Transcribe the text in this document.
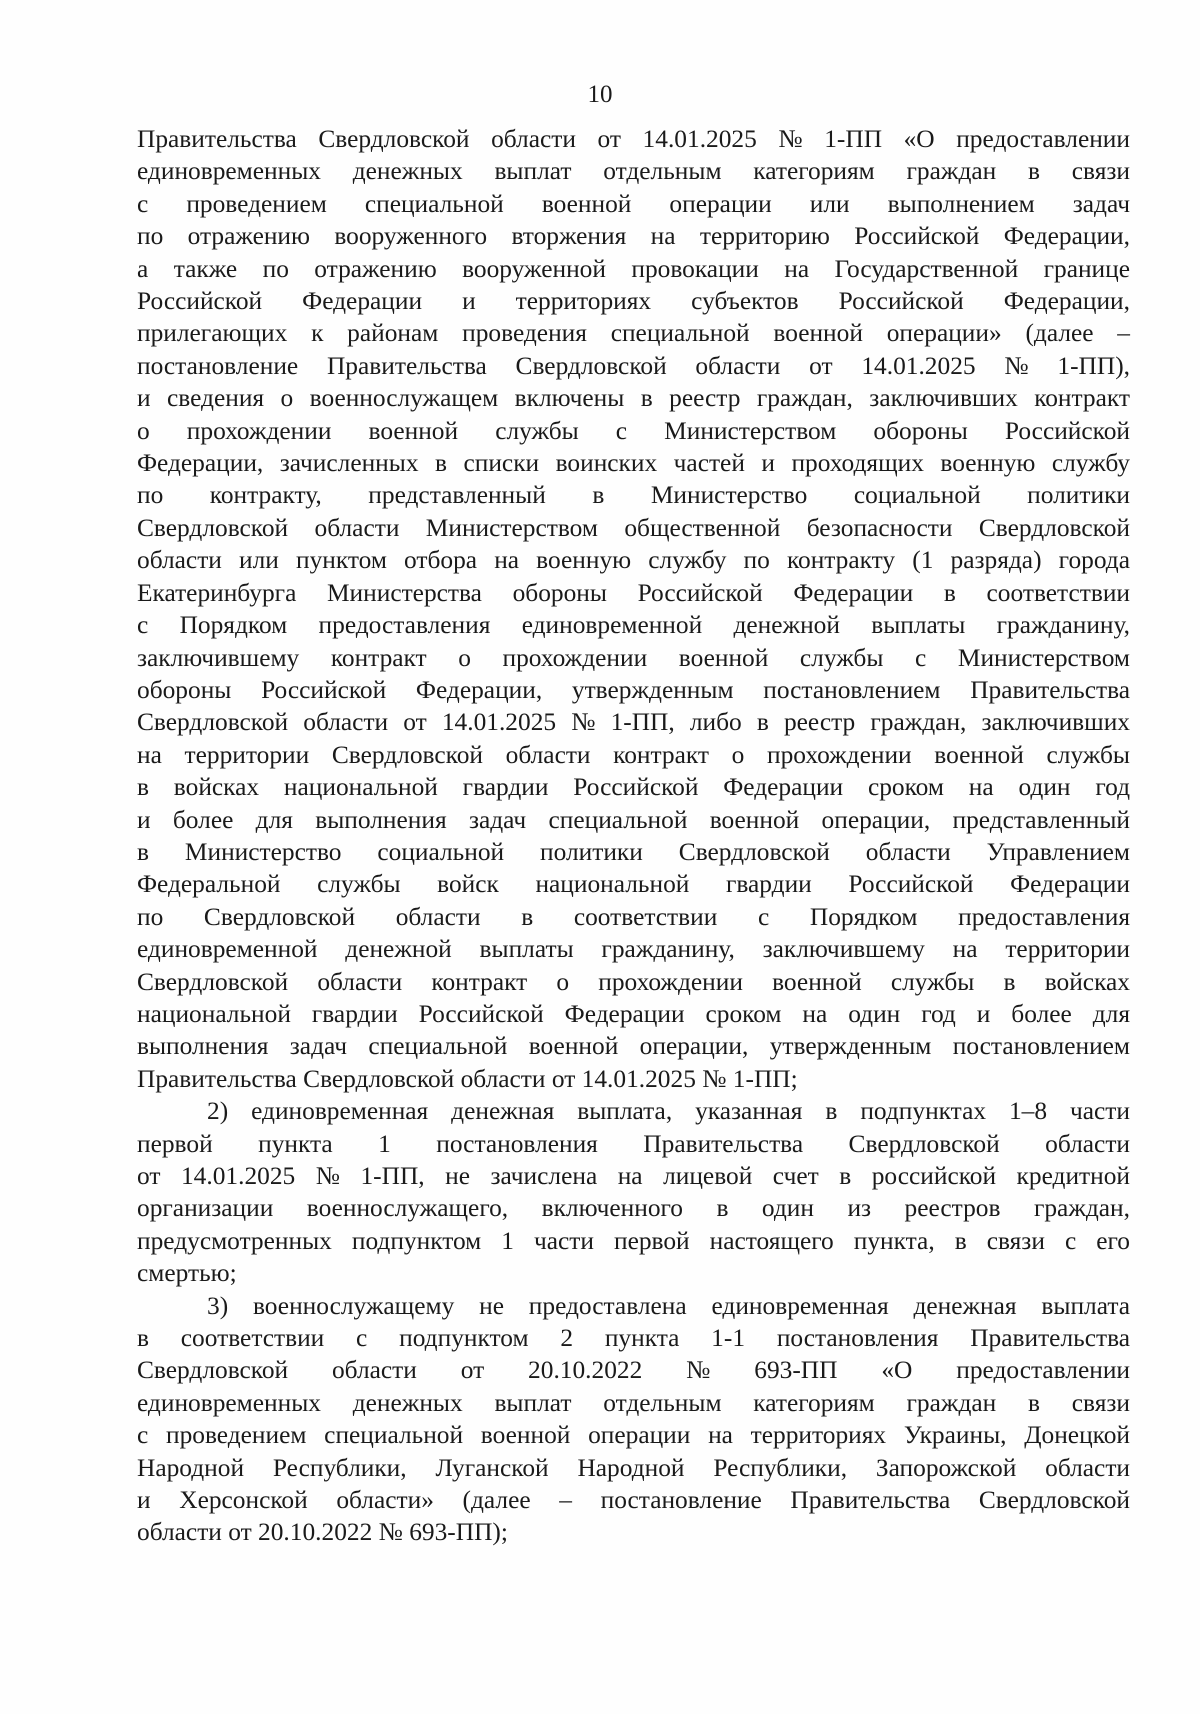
10
Правительства Свердловской области от 14.01.2025 № 1-ПП «О предоставлении
единовременных денежных выплат отдельным категориям граждан в связи
с проведением специальной военной операции или выполнением задач
по отражению вооруженного вторжения на территорию Российской Федерации,
а также по отражению вооруженной провокации на Государственной границе
Российской Федерации и территориях субъектов Российской Федерации,
прилегающих к районам проведения специальной военной операции» (далее –
постановление Правительства Свердловской области от 14.01.2025 № 1-ПП),
и сведения о военнослужащем включены в реестр граждан, заключивших контракт
о прохождении военной службы с Министерством обороны Российской
Федерации, зачисленных в списки воинских частей и проходящих военную службу
по контракту, представленный в Министерство социальной политики
Свердловской области Министерством общественной безопасности Свердловской
области или пунктом отбора на военную службу по контракту (1 разряда) города
Екатеринбурга Министерства обороны Российской Федерации в соответствии
с Порядком предоставления единовременной денежной выплаты гражданину,
заключившему контракт о прохождении военной службы с Министерством
обороны Российской Федерации, утвержденным постановлением Правительства
Свердловской области от 14.01.2025 № 1-ПП, либо в реестр граждан, заключивших
на территории Свердловской области контракт о прохождении военной службы
в войсках национальной гвардии Российской Федерации сроком на один год
и более для выполнения задач специальной военной операции, представленный
в Министерство социальной политики Свердловской области Управлением
Федеральной службы войск национальной гвардии Российской Федерации
по Свердловской области в соответствии с Порядком предоставления
единовременной денежной выплаты гражданину, заключившему на территории
Свердловской области контракт о прохождении военной службы в войсках
национальной гвардии Российской Федерации сроком на один год и более для
выполнения задач специальной военной операции, утвержденным постановлением
Правительства Свердловской области от 14.01.2025 № 1-ПП;
2) единовременная денежная выплата, указанная в подпунктах 1–8 части
первой пункта 1 постановления Правительства Свердловской области
от 14.01.2025 № 1-ПП, не зачислена на лицевой счет в российской кредитной
организации военнослужащего, включенного в один из реестров граждан,
предусмотренных подпунктом 1 части первой настоящего пункта, в связи с его
смертью;
3) военнослужащему не предоставлена единовременная денежная выплата
в соответствии с подпунктом 2 пункта 1-1 постановления Правительства
Свердловской области от 20.10.2022 № 693-ПП «О предоставлении
единовременных денежных выплат отдельным категориям граждан в связи
с проведением специальной военной операции на территориях Украины, Донецкой
Народной Республики, Луганской Народной Республики, Запорожской области
и Херсонской области» (далее – постановление Правительства Свердловской
области от 20.10.2022 № 693-ПП);
